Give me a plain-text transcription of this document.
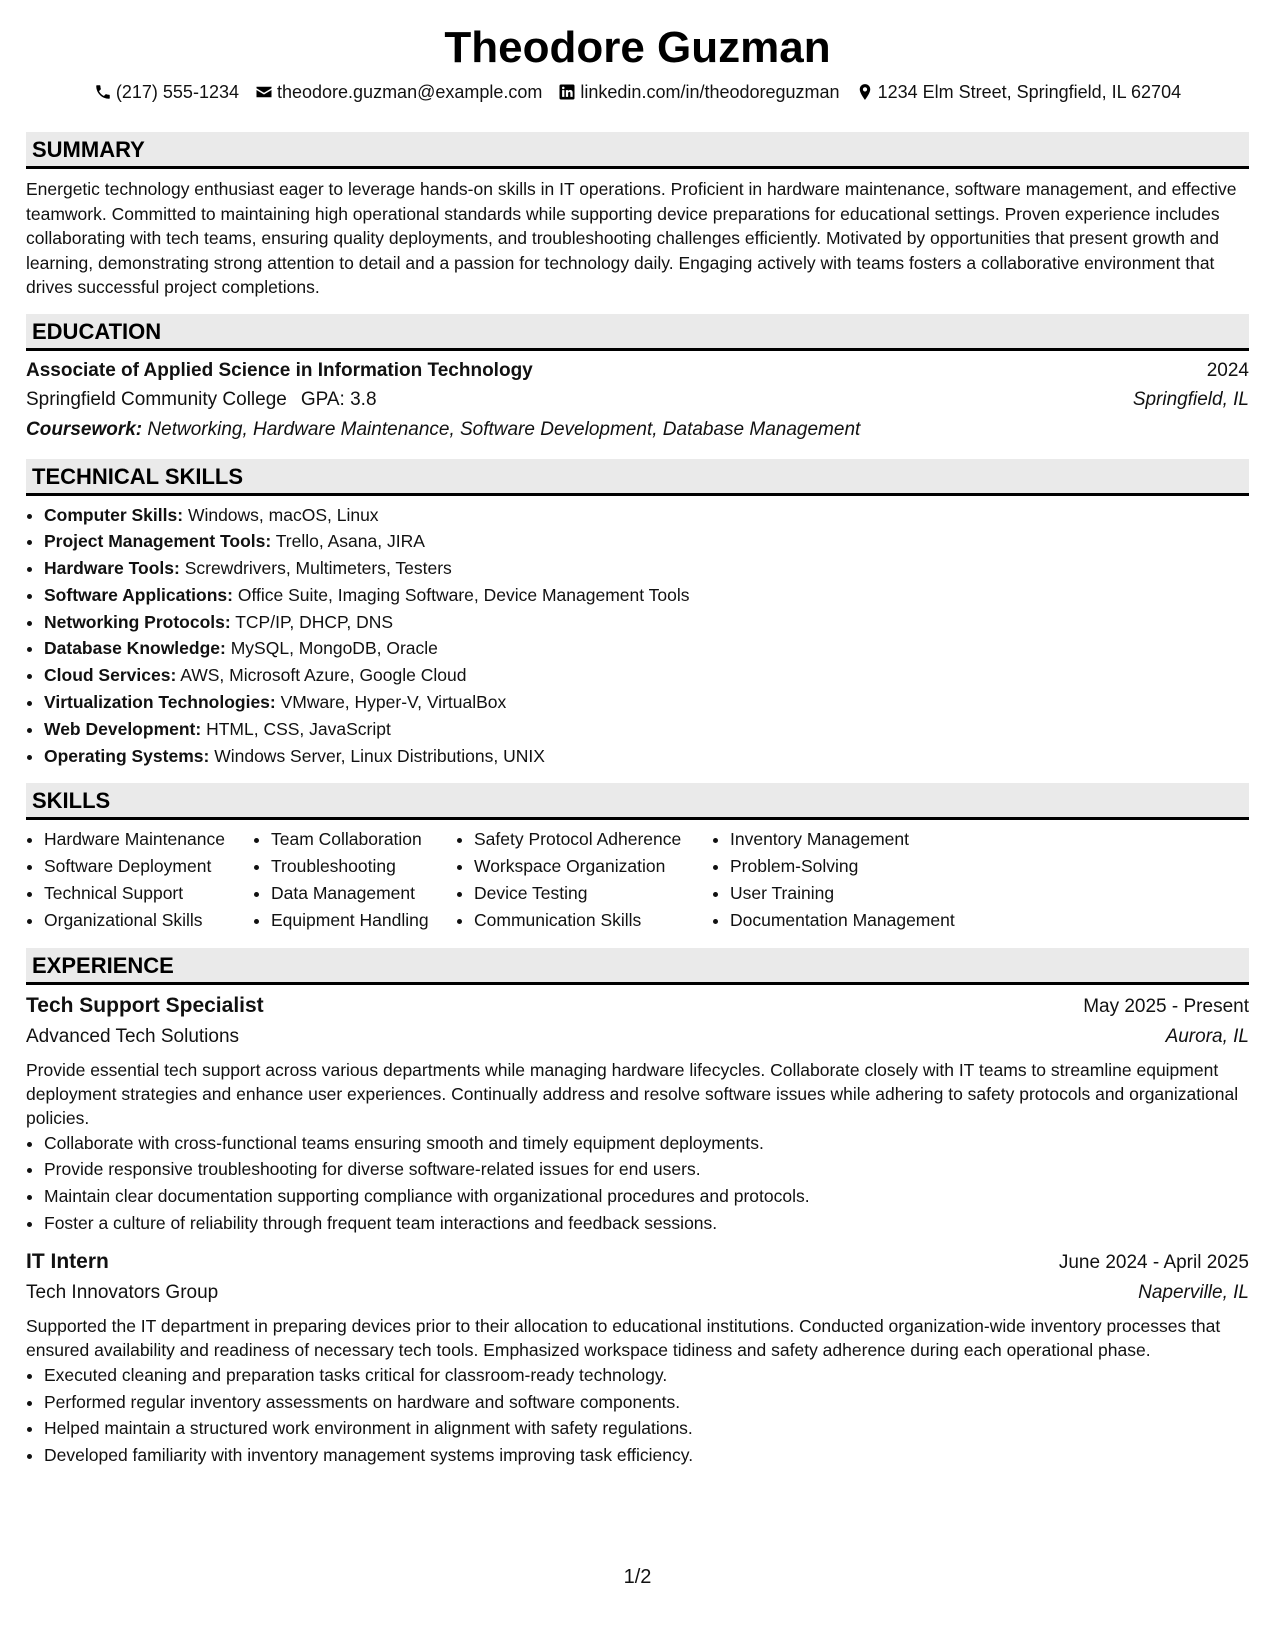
Theodore Guzman
(217) 555-1234 theodore.guzman@example.com linkedin.com/in/theodoreguzman 1234 Elm Street, Springfield, IL 62704
SUMMARY

Energetic technology enthusiast eager to leverage hands-on skills in IT operations. Proficient in hardware maintenance, software management, and effective teamwork. Committed to maintaining high operational standards while supporting device preparations for educational settings. Proven experience includes collaborating with tech teams, ensuring quality deployments, and troubleshooting challenges efficiently. Motivated by opportunities that present growth and learning, demonstrating strong attention to detail and a passion for technology daily. Engaging actively with teams fosters a collaborative environment that drives successful project completions.

EDUCATION
Associate of Applied Science in Information Technology	2024
Springfield Community College GPA: 3.8	Springfield, IL
Coursework: Networking, Hardware Maintenance, Software Development, Database Management
TECHNICAL SKILLS
• Computer Skills: Windows, macOS, Linux
• Project Management Tools: Trello, Asana, JIRA
• Hardware Tools: Screwdrivers, Multimeters, Testers
• Software Applications: Office Suite, Imaging Software, Device Management Tools
• Networking Protocols: TCP/IP, DHCP, DNS
• Database Knowledge: MySQL, MongoDB, Oracle
• Cloud Services: AWS, Microsoft Azure, Google Cloud
• Virtualization Technologies: VMware, Hyper-V, VirtualBox
• Web Development: HTML, CSS, JavaScript
• Operating Systems: Windows Server, Linux Distributions, UNIX
SKILLS
• Hardware Maintenance
• Software Deployment
• Technical Support
• Organizational Skills
• Team Collaboration
• Troubleshooting
• Data Management
• Equipment Handling
• Safety Protocol Adherence
• Workspace Organization
• Device Testing
• Communication Skills
• Inventory Management
• Problem-Solving
• User Training
• Documentation Management
EXPERIENCE
Tech Support Specialist	May 2025 - Present
Advanced Tech Solutions	Aurora, IL

Provide essential tech support across various departments while managing hardware lifecycles. Collaborate closely with IT teams to streamline equipment deployment strategies and enhance user experiences. Continually address and resolve software issues while adhering to safety protocols and organizational policies.

• Collaborate with cross-functional teams ensuring smooth and timely equipment deployments.
• Provide responsive troubleshooting for diverse software-related issues for end users.
• Maintain clear documentation supporting compliance with organizational procedures and protocols.
• Foster a culture of reliability through frequent team interactions and feedback sessions.
IT Intern	June 2024 - April 2025
Tech Innovators Group	Naperville, IL

Supported the IT department in preparing devices prior to their allocation to educational institutions. Conducted organization-wide inventory processes that ensured availability and readiness of necessary tech tools. Emphasized workspace tidiness and safety adherence during each operational phase.

• Executed cleaning and preparation tasks critical for classroom-ready technology.
• Performed regular inventory assessments on hardware and software components.
• Helped maintain a structured work environment in alignment with safety regulations.
• Developed familiarity with inventory management systems improving task efficiency.
1/2
